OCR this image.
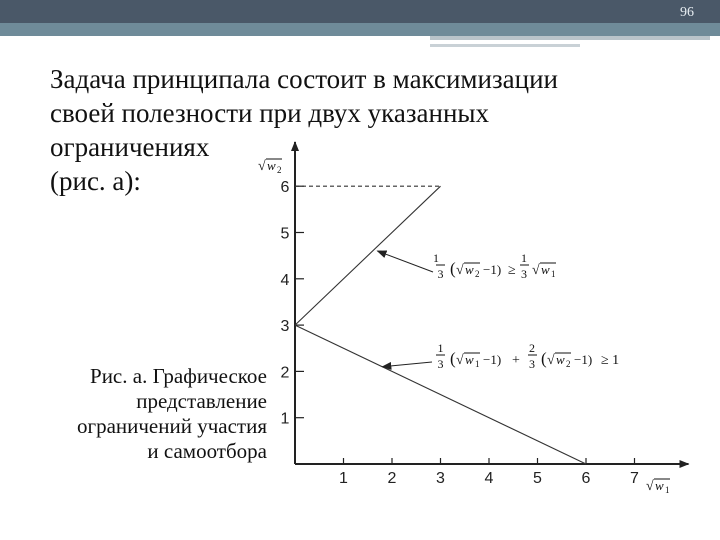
96
Задача принципала состоит в максимизации
своей полезности при двух указанных
ограничениях
(рис. а):
Рис. а. Графическое
представление
ограничений участия
и самоотбора
1 2 3 4 5 6 7
1
2
3
4
5
6
1
3 ( √ w 2 −1) ≥
1
3 √ w 1
1
3 ( √ w 1 −1) +
2
3 ( √ w 2 −1) ≥ 1
√ w 2
√ w 1
